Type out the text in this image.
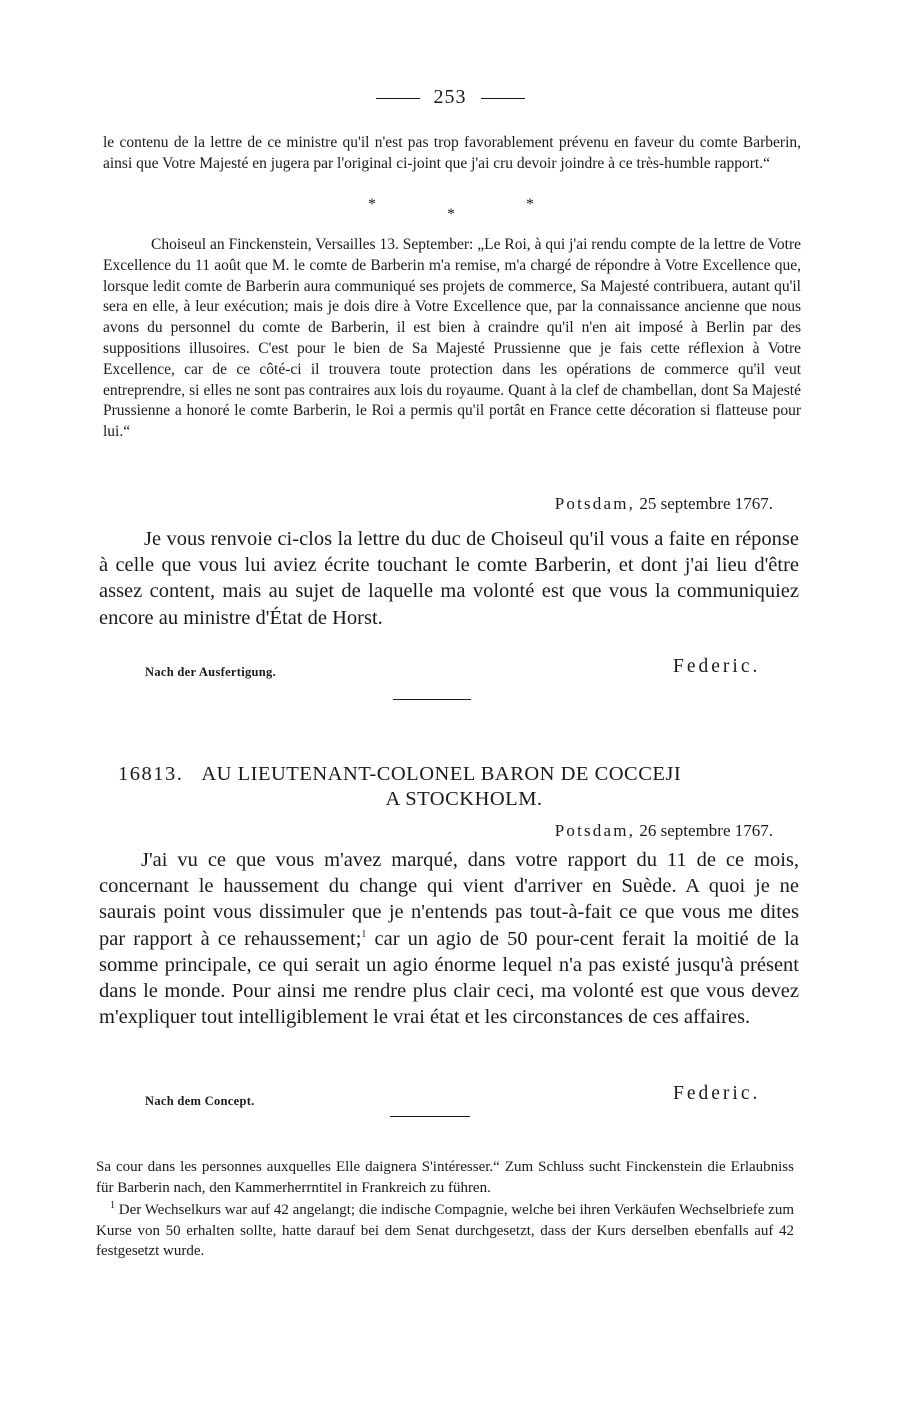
253

le contenu de la lettre de ce ministre qu'il n'est pas trop favorablement prévenu en faveur du comte Barberin, ainsi que Votre Majesté en jugera par l'original ci-joint que j'ai cru devoir joindre à ce très-humble rapport.“

*
*
*

Choiseul an Finckenstein, Versailles 13. September: „Le Roi, à qui j'ai rendu compte de la lettre de Votre Excellence du 11 août que M. le comte de Barberin m'a remise, m'a chargé de répondre à Votre Excellence que, lorsque ledit comte de Barberin aura communiqué ses projets de commerce, Sa Majesté contribuera, autant qu'il sera en elle, à leur exécution; mais je dois dire à Votre Excellence que, par la connaissance ancienne que nous avons du personnel du comte de Barberin, il est bien à craindre qu'il n'en ait imposé à Berlin par des suppositions illusoires. C'est pour le bien de Sa Majesté Prussienne que je fais cette réflexion à Votre Excellence, car de ce côté-ci il trouvera toute protection dans les opérations de commerce qu'il veut entreprendre, si elles ne sont pas contraires aux lois du royaume. Quant à la clef de chambellan, dont Sa Majesté Prussienne a honoré le comte Barberin, le Roi a permis qu'il portât en France cette décoration si flatteuse pour lui.“

Potsdam, 25 septembre 1767.

Je vous renvoie ci-clos la lettre du duc de Choiseul qu'il vous a faite en réponse à celle que vous lui aviez écrite touchant le comte Barberin, et dont j'ai lieu d'être assez content, mais au sujet de laquelle ma volonté est que vous la communiquiez encore au ministre d'État de Horst.

Nach der Ausfertigung.	Federic.
16813. AU LIEUTENANT-COLONEL BARON DE COCCEJI
A STOCKHOLM.
Potsdam, 26 septembre 1767.

J'ai vu ce que vous m'avez marqué, dans votre rapport du 11 de ce mois, concernant le haussement du change qui vient d'arriver en Suède. A quoi je ne saurais point vous dissimuler que je n'entends pas tout-à-fait ce que vous me dites par rapport à ce rehaussement;$^1$ car un agio de 50 pour-cent ferait la moitié de la somme principale, ce qui serait un agio énorme lequel n'a pas existé jusqu'à présent dans le monde. Pour ainsi me rendre plus clair ceci, ma volonté est que vous devez m'expliquer tout intelligiblement le vrai état et les circonstances de ces affaires.

Nach dem Concept.	Federic.

Sa cour dans les personnes auxquelles Elle daignera S'intéresser.“ Zum Schluss sucht Finckenstein die Erlaubniss für Barberin nach, den Kammerherrntitel in Frankreich zu führen.

$^1$ Der Wechselkurs war auf 42 angelangt; die indische Compagnie, welche bei ihren Verkäufen Wechselbriefe zum Kurse von 50 erhalten sollte, hatte darauf bei dem Senat durchgesetzt, dass der Kurs derselben ebenfalls auf 42 festgesetzt wurde.
